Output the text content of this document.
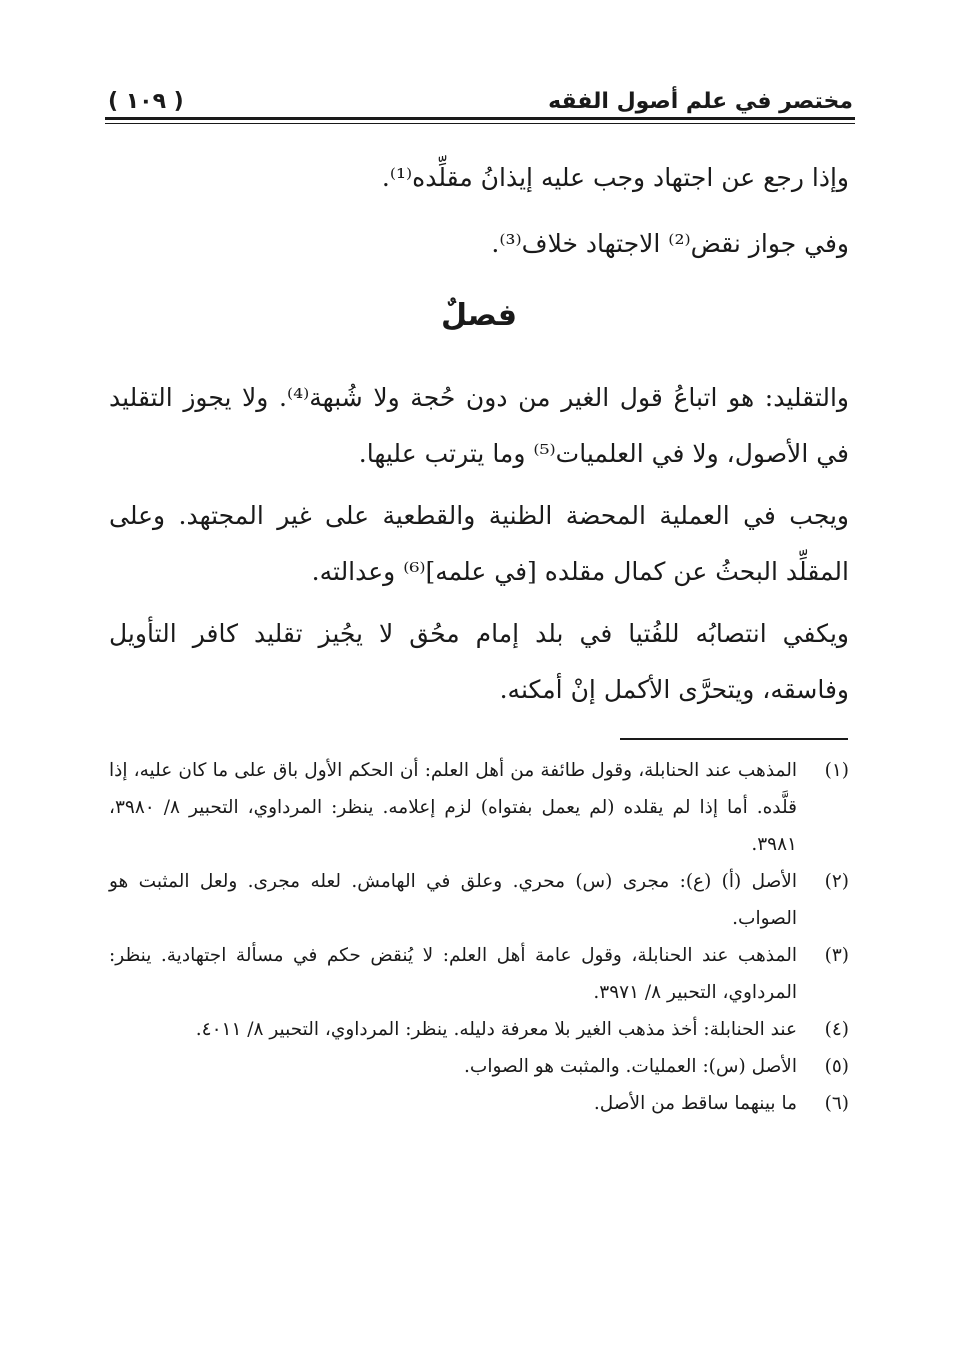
مختصر في علم أصول الفقه
( ١٠٩ )

وإذا رجع عن اجتهاد وجب عليه إيذانُ مقلِّده⁽¹⁾.

وفي جواز نقض⁽²⁾ الاجتهاد خلاف⁽³⁾.

فصلٌ

والتقليد: هو اتباعُ قول الغير من دون حُجة ولا شُبهة⁽⁴⁾. ولا يجوز التقليد في الأصول، ولا في العلميات⁽⁵⁾ وما يترتب عليها.

ويجب في العملية المحضة الظنية والقطعية على غير المجتهد. وعلى المقلِّد البحثُ عن كمال مقلده [في علمه]⁽⁶⁾ وعدالته.

ويكفي انتصابُه للفُتيا في بلد إمام محُق لا يجُيز تقليد كافر التأويل وفاسقه، ويتحرَّى الأكمل إنْ أمكنه.

(١)
المذهب عند الحنابلة، وقول طائفة من أهل العلم: أن الحكم الأول باق على ما كان عليه، إذا قلَّده. أما إذا لم يقلده (لم يعمل بفتواه) لزم إعلامه. ينظر: المرداوي، التحبير ٨/ ٣٩٨٠، ٣٩٨١.
(٢)
الأصل (أ) (ع): مجرى (س) محري. وعلق في الهامش. لعله مجرى. ولعل المثبت هو الصواب.
(٣)
المذهب عند الحنابلة، وقول عامة أهل العلم: لا يُنقض حكم في مسألة اجتهادية. ينظر: المرداوي، التحبير ٨/ ٣٩٧١.
(٤)
عند الحنابلة: أخذ مذهب الغير بلا معرفة دليله. ينظر: المرداوي، التحبير ٨/ ٤٠١١.
(٥)
الأصل (س): العمليات. والمثبت هو الصواب.
(٦)
ما بينهما ساقط من الأصل.
